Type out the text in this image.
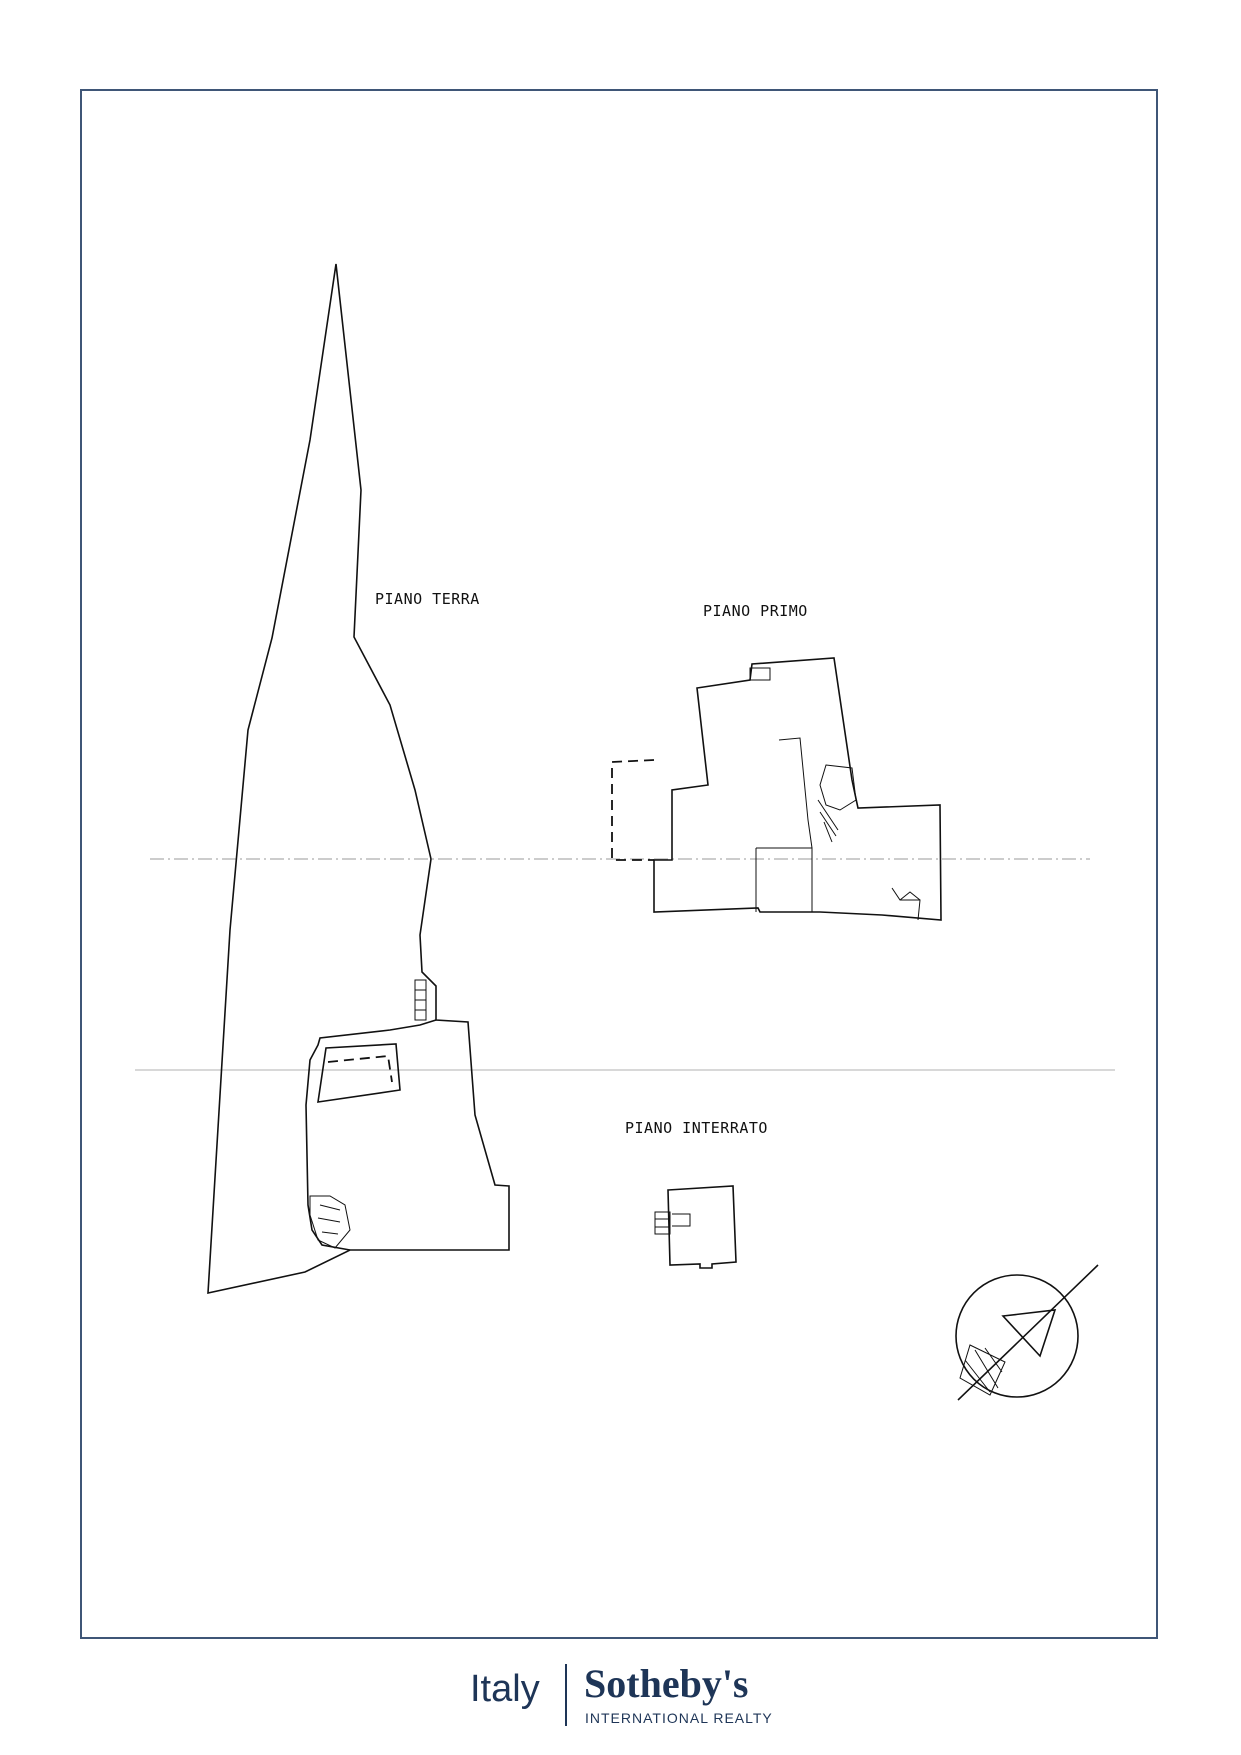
PIANO TERRA
PIANO PRIMO
PIANO INTERRATO
Italy Sotheby's
INTERNATIONAL REALTY
